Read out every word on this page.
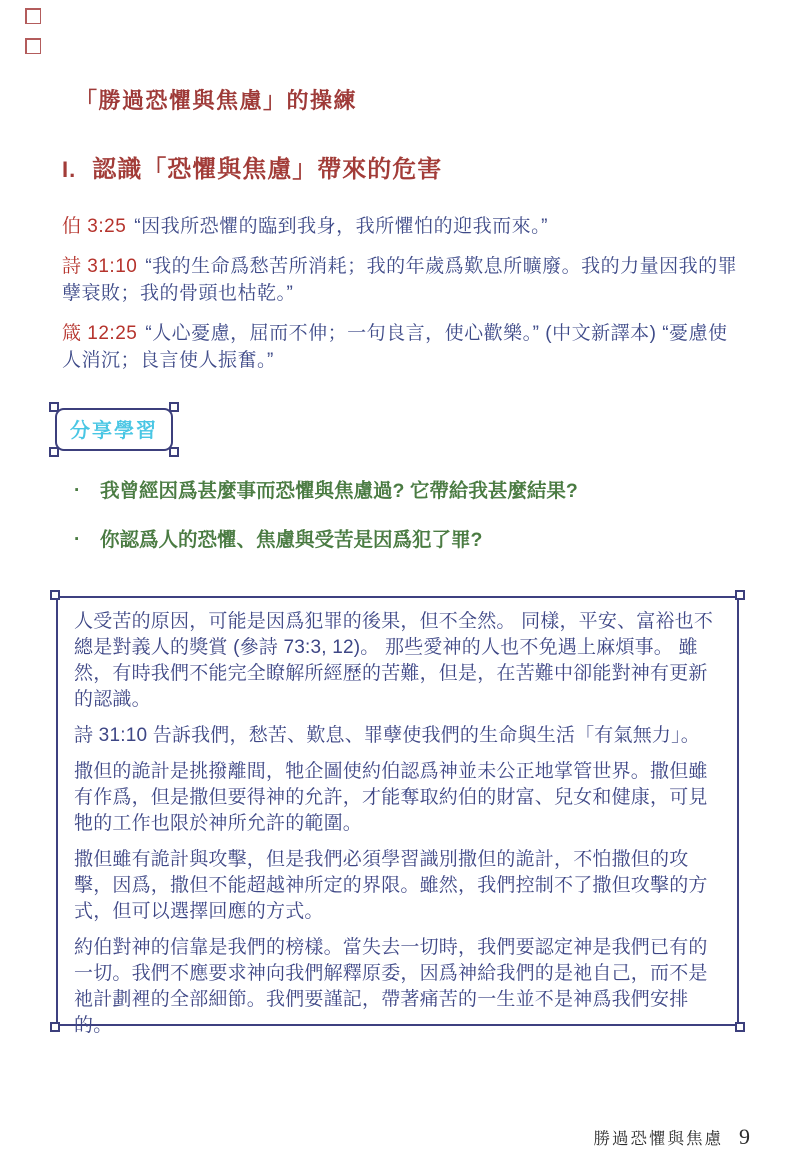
「勝過恐懼與焦慮」的操練
I. 認識「恐懼與焦慮」帶來的危害

伯 3:25 “因我所恐懼的臨到我身，我所懼怕的迎我而來。”

詩 31:10 “我的生命爲愁苦所消耗；我的年歲爲歎息所曠廢。我的力量因我的罪孽衰敗；我的骨頭也枯乾。”

箴 12:25 “人心憂慮，屈而不伸；一句良言，使心歡樂。” (中文新譯本) “憂慮使人消沉；良言使人振奮。”

分享學習
·	我曾經因爲甚麼事而恐懼與焦慮過? 它帶給我甚麼結果?
·	你認爲人的恐懼、焦慮與受苦是因爲犯了罪?

人受苦的原因，可能是因爲犯罪的後果，但不全然。 同樣，平安、富裕也不總是對義人的獎賞 (參詩 73:3, 12)。 那些愛神的人也不免遇上麻煩事。 雖然，有時我們不能完全瞭解所經歷的苦難，但是，在苦難中卻能對神有更新的認識。

詩 31:10 告訴我們，愁苦、歎息、罪孽使我們的生命與生活「有氣無力」。

撒但的詭計是挑撥離間，牠企圖使約伯認爲神並未公正地掌管世界。撒但雖有作爲，但是撒但要得神的允許，才能奪取約伯的財富、兒女和健康，可見牠的工作也限於神所允許的範圍。

撒但雖有詭計與攻擊，但是我們必須學習識別撒但的詭計，不怕撒但的攻擊，因爲，撒但不能超越神所定的界限。雖然，我們控制不了撒但攻擊的方式，但可以選擇回應的方式。

約伯對神的信靠是我們的榜樣。當失去一切時，我們要認定神是我們已有的一切。我們不應要求神向我們解釋原委，因爲神給我們的是祂自己，而不是祂計劃裡的全部細節。我們要謹記，帶著痛苦的一生並不是神爲我們安排的。

勝過恐懼與焦慮 9
